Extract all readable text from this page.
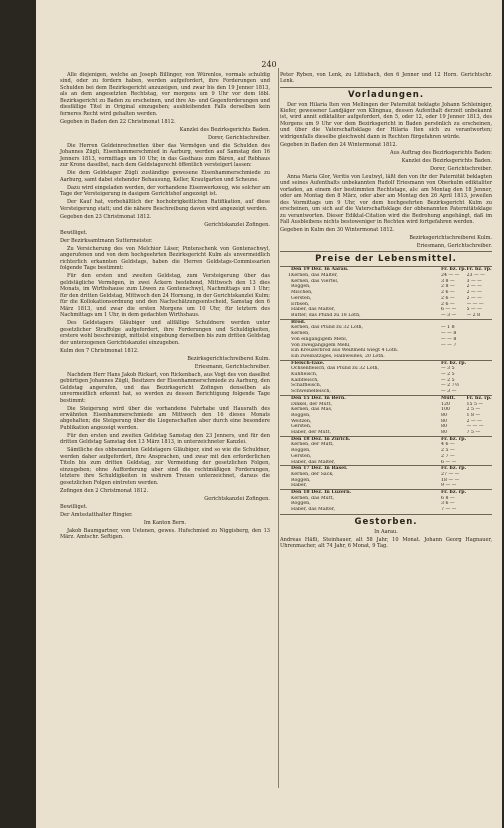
240

Alle diejenigen, welche an Joseph Billinger, von Würenlos, vormals schuldig sind, oder zu fordern haben, werden aufgefordert, ihre Forderungen und Schulden bei dem Bezirksgericht anzuzeigen, und zwar bis den 19 Jenner 1813, als an dem angesetzten Rechtstag, vor morgens um 9 Uhr vor dem löbl. Bezirksgericht zu Baden zu erscheinen, und ihre An- und Gegenforderungen und diesfällige Titel in Original einzugeben; ausbleibenden Falls derselben kein ferneres Recht wird gehalten werden.

Gegeben in Baden den 22 Christmonat 1812.

Kanzlei des Bezirksgerichts Baden.

Dorer, Gerichtschreiber.

Die Herren Geldeinrechnetten über das Vermögen und die Schulden des Johannes Zügli, Eisenhammerschmied in Aarburg, werden auf Samstag den 16 Jenners 1813, vormittags um 10 Uhr, in das Gasthaus zum Bären, auf Rebhaus zur Krone daselbst, nach dem Geldstagsrecht öffentlich versteigert lassen:

Die dem Geldstager Zügli zuständige gewesene Eisenhammerschmiede zu Aarburg, samt dabei stehender Behausung, Keller, Krautgarten und Scheune.

Dazu wird eingeladen werden, der vorhandene Eisenwerkzeug, wie solcher am Tage der Versteigerung in dasigem Gerichtshof angezeigt ist.

Der Kauf hat, vorbehältlich der hochobrigkeitlichen Ratifikation, auf diese Versteigerung statt; und die nähere Beschreibung davon wird angezeigt werden.

Gegeben den 23 Christmonat 1812.

Gerichtskanzlei Zofingen.

Bewilliget.

Der Bezirksamtmann Suttermeister.

Zu Versicherung des von Melchior Läser, Pintenschenk von Gontenschwyl, angerufenen und von dem hochgeehrten Bezirksgericht Kulm als unvermeidlich richterlich erkannten Geldstags, haben die Herren Geldstags-Commissarien folgende Tage bestimmt:

Für den ersten und zweiten Geldstag, zum Versteigerung über das geldstägliche Vermögen, in zwei Äckern bestehend, Mittwoch den 13 dies Monats, im Wirthshause zum Löwen zu Gontenschwyl, Nachmittags um 1 Uhr; für den dritten Geldstag, Mittwoch den 24 Hornung, in der Gerichtskanzlei Kulm; für die Kollokationsordnung und den Nachschätzungsentscheid, Samstag den 6 März 1813, und zwar die ersten Morgens um 10 Uhr, für letztern des Nachmittags um 1 Uhr, in dem gedachten Wirthshaus.

Des Geldstagers Gläubiger und allfällige Schuldnere werden unter gesetzlicher Straffolge aufgefordert, ihre Forderungen und Schuldigkeiten, erstere wohl beschreinigt, mittelst eingebung derselben bis zum dritten Geldstag der unterzogenen Gerichtskanzlei einzugeben.

Kulm den 7 Christmonat 1812.

Bezirksgerichtschreiberei Kulm.

Eriesmann, Gerichtschreiber.

Nachdem Herr Hans Jakob Rickart, von Rickenbach, aus Vogt des von daselbst gebürtigen Johannes Zügli, Besitzers der Eisenhammerschmiede zu Aarburg, den Geldstag angerufen, und das Bezirksgericht Zofingen denselben als unvermeidlich erkennt hat, so werden zu dessen Berichtigung folgende Tage bestimmt:

Die Steigerung wird über die vorhandene Fahrhabe und Hausrath des erwähnten Eisenhammerschmiede am Mittwoch den 16 dieses Monats abgehalten; die Steigerung über die Liegenschaften aber durch eine besondere Publikation angezeigt werden.

Für den ersten und zweiten Geldstag Samstag den 23 Jenners, und für den dritten Geldstag Samstag den 13 März 1813, in unterzeichneter Kanzlei.

Sämtliche des obbenannten Geldstagers Gläubiger, sind so wie die Schuldner, werden daher aufgefordert, ihre Ansprachen, und zwar mit den erforderlichen Titeln bis zum dritten Geldstag, zur Vermeidung der gesetzlichen Folgen, einzugeben; ohne Aufforderung aber sind die rechtmäßigen Forderungen, letztere ihre Schuldigkeiten in wahrem Treuen unterzeichnet, daraus die gesetzlichen Folgen eintreten werden.

Zofingen den 2 Christmonat 1812.

Gerichtskanzlei Zofingen.

Bewilliget.

Der Amtsstatthalter Ringier.

Im Kanton Bern.

Jakob Baumgartner, von Uetenen, gewes. Hufschmied zu Niggisberg, den 13 März. Amtschr. Seftigen.

Peter Ryben, von Lenk, zu Littisbach, den 6 Jenner und 12 Horn. Gerichtschr. Lenk.

Vorladungen.

Der von Hilaria Iten von Mellingen der Paternität beklagte Johann Schleiniger, Kiefer, gewesener Landjäger von Klingnau, dessen Aufenthalt derzeit unbekannt ist, wird annit ediktaliter aufgefordert, den 5, oder 12, oder 19 Jenner 1813, des Morgens um 9 Uhr vor dem Bezirksgericht in Baden persönlich zu erscheinen, und über die Vaterschaftsklage der Hilaria Iten sich zu verantworten; widrigenfalls dieselbe gleichwohl dann in Rechten fürgefahren würde.

Gegeben in Baden den 24 Wintermonat 1812.

Aus Auftrag des Bezirksgerichts Baden:

Kanzlei des Bezirksgerichts Baden.

Dorer, Gerichtschreiber.

Anna Maria Glor, Veritis von Leutwyl, läßt den von ihr der Paternität beklagten und seines Aufenthalts unbekannten Rudolf Eriesmann von Oberkulm ediktaliter vorladen, an einem der bestimmten Rechtstage, als: am Montag den 18 Jenner, oder am Montag den 8 März, oder aber am Montag den 26 April 1813, jeweilen des Vormittags um 9 Uhr, vor dem hochgeehrten Bezirksgericht Kulm zu erscheinen, um sich auf die Vaterschaftsklage der obbenannten Paternitätsklage zu verantworten. Dieser Ediktal-Citation wird die Bedrohung angehängt, daß im Fall Ausbleibens nichts bestoweniger in Rechten wird fortgefahren werden.

Gegeben in Kulm den 30 Wintermonat 1812.

Bezirksgerichtschreiberei Kulm.

Eriesmann, Gerichtschreiber.

Preise der Lebensmittel.
	Den 19 Dez. In Aarau.	Fr. bz. rp.	Fr. bz. rp.
1	Kernen, das Malter,	24 — —	23 — —
	Kernen, das Viertel,	3 8 —	3 — —
	Roggen,	2 8 —	2 — —
	Mischen,	2 6 —	2 — —
	Gersten,	2 6 —	2 — —
	Erbsen,	2 6 —	— — —
	Haber, das Malter,	6 — —	5 — —
	Butter, das Pfund zu 18 Loth,	— 3 —	— 2 8
	Brod.		
	Kernen, das Pfund zu 32 Loth,	— 1 8	
	Kernen,	— — 8	
	Von eingängigem Mehl,	— — 8	
	Von zweigängigem Mehl,	— — 7	
	Ein Kreuzerbrod aus Weißmehl wiegt 4 Loth.		
	Ein zweibatziges, Halbweißes, 20 Loth.		
	Fleisch-Taxe.	Fr. bz. rp.	
	Ochsenfleisch, das Pfund zu 32 Loth,	— 3 5	
	Kuhfleisch,	— 2 5	
	Kalbfleisch,	— 2 5	
	Schaffleisch,	— 2 7½	
	Schweinefleisch,	— 3 —	
	Den 15 Dez. In Bern.	Mütt.	Fr. bz. rp.
	Dinkel, der Mütt,	120	15 5 —
	Kernen, das Mäs,	100	2 5 —
	Roggen,	80	1 8 —
	Weitzen,	80	2 — —
	Gersten,	80	— — —
	Haber, der Mütt,	80	7 5 —
	Den 18 Dez. In Zürich.	Fr. bz. rp.	
	Kernen, der Mütt,	4 6 —	
	Roggen,	2 5 —	
	Gersten,	2 7 —	
	Haber, das Malter,	6 — —	
	Den 17 Dez. In Basel.	Fr. bz. rp.	
	Kernen, der Sack,	27 — —	
	Roggen,	18 — —	
	Haber,	9 — —	
	Den 18 Dez. In Luzern.	Fr. bz. rp.	
	Kernen, das Mütt,	6 8 —	
	Roggen,	3 6 —	
	Haber, das Malter,	7 — —	
Gestorben.

In Aarau.

Andreas Häfli, Steinhauer, alt 58 Jahr, 10 Monat. Johann Georg Hagnauer, Uhrenmacher, alt 74 Jahr, 6 Monat, 9 Tag.
